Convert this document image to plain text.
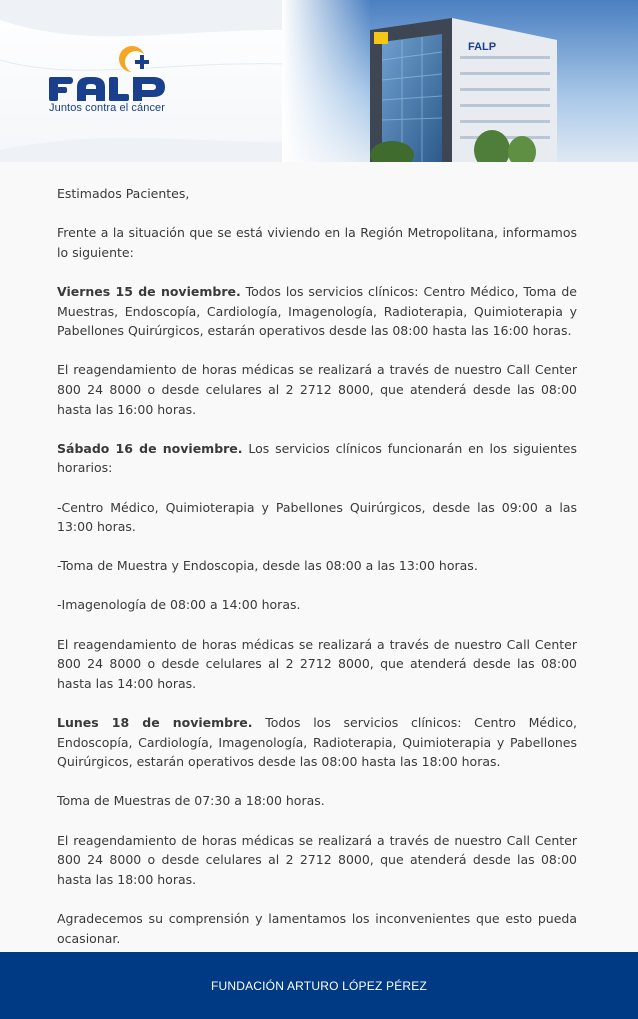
Juntos contra el cáncer

Estimados Pacientes,

Frente a la situación que se está viviendo en la Región Metropolitana, informamos lo siguiente:

Viernes 15 de noviembre. Todos los servicios clínicos: Centro Médico, Toma de Muestras, Endoscopía, Cardiología, Imagenología, Radioterapia, Quimioterapia y Pabellones Quirúrgicos, estarán operativos desde las 08:00 hasta las 16:00 horas.

El reagendamiento de horas médicas se realizará a través de nuestro Call Center 800 24 8000 o desde celulares al 2 2712 8000, que atenderá desde las 08:00 hasta las 16:00 horas.

Sábado 16 de noviembre. Los servicios clínicos funcionarán en los siguientes horarios:

-Centro Médico, Quimioterapia y Pabellones Quirúrgicos, desde las 09:00 a las 13:00 horas.

-Toma de Muestra y Endoscopia, desde las 08:00 a las 13:00 horas.

-Imagenología de 08:00 a 14:00 horas.

El reagendamiento de horas médicas se realizará a través de nuestro Call Center 800 24 8000 o desde celulares al 2 2712 8000, que atenderá desde las 08:00 hasta las 14:00 horas.

Lunes 18 de noviembre. Todos los servicios clínicos: Centro Médico, Endoscopía, Cardiología, Imagenología, Radioterapia, Quimioterapia y Pabellones Quirúrgicos, estarán operativos desde las 08:00 hasta las 18:00 horas.

Toma de Muestras de 07:30 a 18:00 horas.

El reagendamiento de horas médicas se realizará a través de nuestro Call Center 800 24 8000 o desde celulares al 2 2712 8000, que atenderá desde las 08:00 hasta las 18:00 horas.

Agradecemos su comprensión y lamentamos los inconvenientes que esto pueda ocasionar.

FUNDACIÓN ARTURO LÓPEZ PÉREZ
